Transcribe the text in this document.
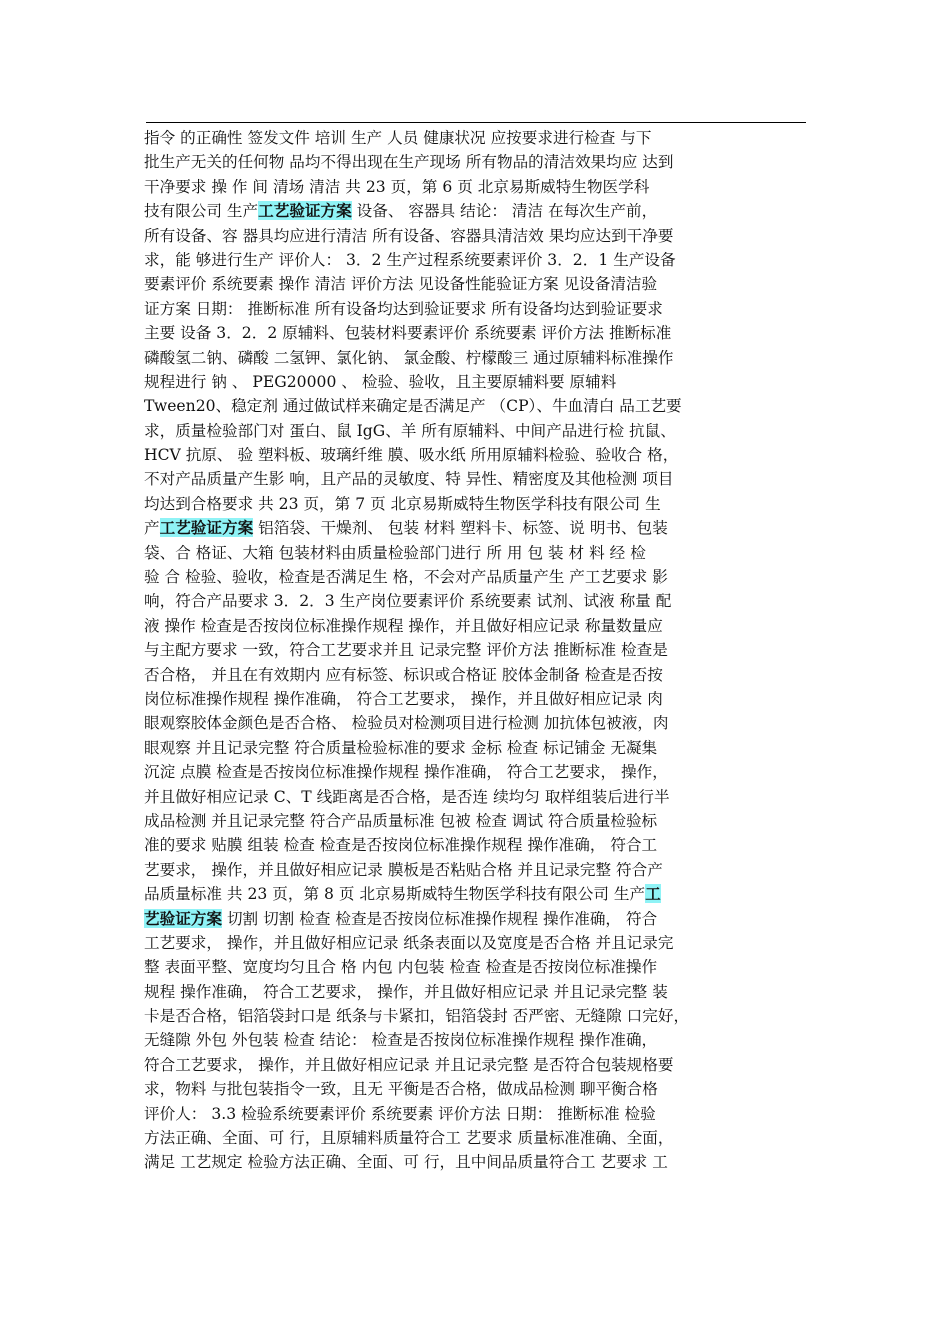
指令 的正确性 签发文件 培训 生产 人员 健康状况 应按要求进行检查 与下
批生产无关的任何物 品均不得出现在生产现场 所有物品的清洁效果均应 达到
干净要求 操 作 间 清场 清洁 共 23 页，第 6 页 北京易斯威特生物医学科
技有限公司 生产工艺验证方案 设备、 容器具 结论： 清洁 在每次生产前，
所有设备、容 器具均应进行清洁 所有设备、容器具清洁效 果均应达到干净要
求，能 够进行生产 评价人： 3．2 生产过程系统要素评价 3．2．1 生产设备
要素评价 系统要素 操作 清洁 评价方法 见设备性能验证方案 见设备清洁验
证方案 日期： 推断标准 所有设备均达到验证要求 所有设备均达到验证要求
主要 设备 3．2．2 原辅料、包装材料要素评价 系统要素 评价方法 推断标准
磷酸氢二钠、磷酸 二氢钾、氯化钠、 氯金酸、柠檬酸三 通过原辅料标准操作
规程进行 钠 、 PEG20000 、 检验、验收，且主要原辅料要 原辅料
Tween20、稳定剂 通过做试样来确定是否满足产 （CP）、牛血清白 品工艺要
求，质量检验部门对 蛋白、鼠 IgG、羊 所有原辅料、中间产品进行检 抗鼠、
HCV 抗原、 验 塑料板、玻璃纤维 膜、吸水纸 所用原辅料检验、验收合 格，
不对产品质量产生影 响，且产品的灵敏度、特 异性、精密度及其他检测 项目
均达到合格要求 共 23 页，第 7 页 北京易斯威特生物医学科技有限公司 生
产工艺验证方案 铝箔袋、干燥剂、 包装 材料 塑料卡、标签、说 明书、包装
袋、合 格证、大箱 包装材料由质量检验部门进行 所 用 包 装 材 料 经 检
验 合 检验、验收，检查是否满足生 格，不会对产品质量产生 产工艺要求 影
响，符合产品要求 3．2．3 生产岗位要素评价 系统要素 试剂、试液 称量 配
液 操作 检查是否按岗位标准操作规程 操作，并且做好相应记录 称量数量应
与主配方要求 一致，符合工艺要求并且 记录完整 评价方法 推断标准 检查是
否合格， 并且在有效期内 应有标签、标识或合格证 胶体金制备 检查是否按
岗位标准操作规程 操作准确， 符合工艺要求， 操作，并且做好相应记录 肉
眼观察胶体金颜色是否合格、 检验员对检测项目进行检测 加抗体包被液，肉
眼观察 并且记录完整 符合质量检验标准的要求 金标 检查 标记铺金 无凝集
沉淀 点膜 检查是否按岗位标准操作规程 操作准确， 符合工艺要求， 操作，
并且做好相应记录 C、T 线距离是否合格，是否连 续均匀 取样组装后进行半
成品检测 并且记录完整 符合产品质量标准 包被 检查 调试 符合质量检验标
准的要求 贴膜 组装 检查 检查是否按岗位标准操作规程 操作准确， 符合工
艺要求， 操作，并且做好相应记录 膜板是否粘贴合格 并且记录完整 符合产
品质量标准 共 23 页，第 8 页 北京易斯威特生物医学科技有限公司 生产工
艺验证方案 切割 切割 检查 检查是否按岗位标准操作规程 操作准确， 符合
工艺要求， 操作，并且做好相应记录 纸条表面以及宽度是否合格 并且记录完
整 表面平整、宽度均匀且合 格 内包 内包装 检查 检查是否按岗位标准操作
规程 操作准确， 符合工艺要求， 操作，并且做好相应记录 并且记录完整 装
卡是否合格，铝箔袋封口是 纸条与卡紧扣，铝箔袋封 否严密、无缝隙 口完好，
无缝隙 外包 外包装 检查 结论： 检查是否按岗位标准操作规程 操作准确，
符合工艺要求， 操作，并且做好相应记录 并且记录完整 是否符合包装规格要
求，物料 与批包装指令一致，且无 平衡是否合格，做成品检测 聊平衡合格
评价人： 3.3 检验系统要素评价 系统要素 评价方法 日期： 推断标准 检验
方法正确、全面、可 行，且原辅料质量符合工 艺要求 质量标准准确、全面，
满足 工艺规定 检验方法正确、全面、可 行，且中间品质量符合工 艺要求 工
